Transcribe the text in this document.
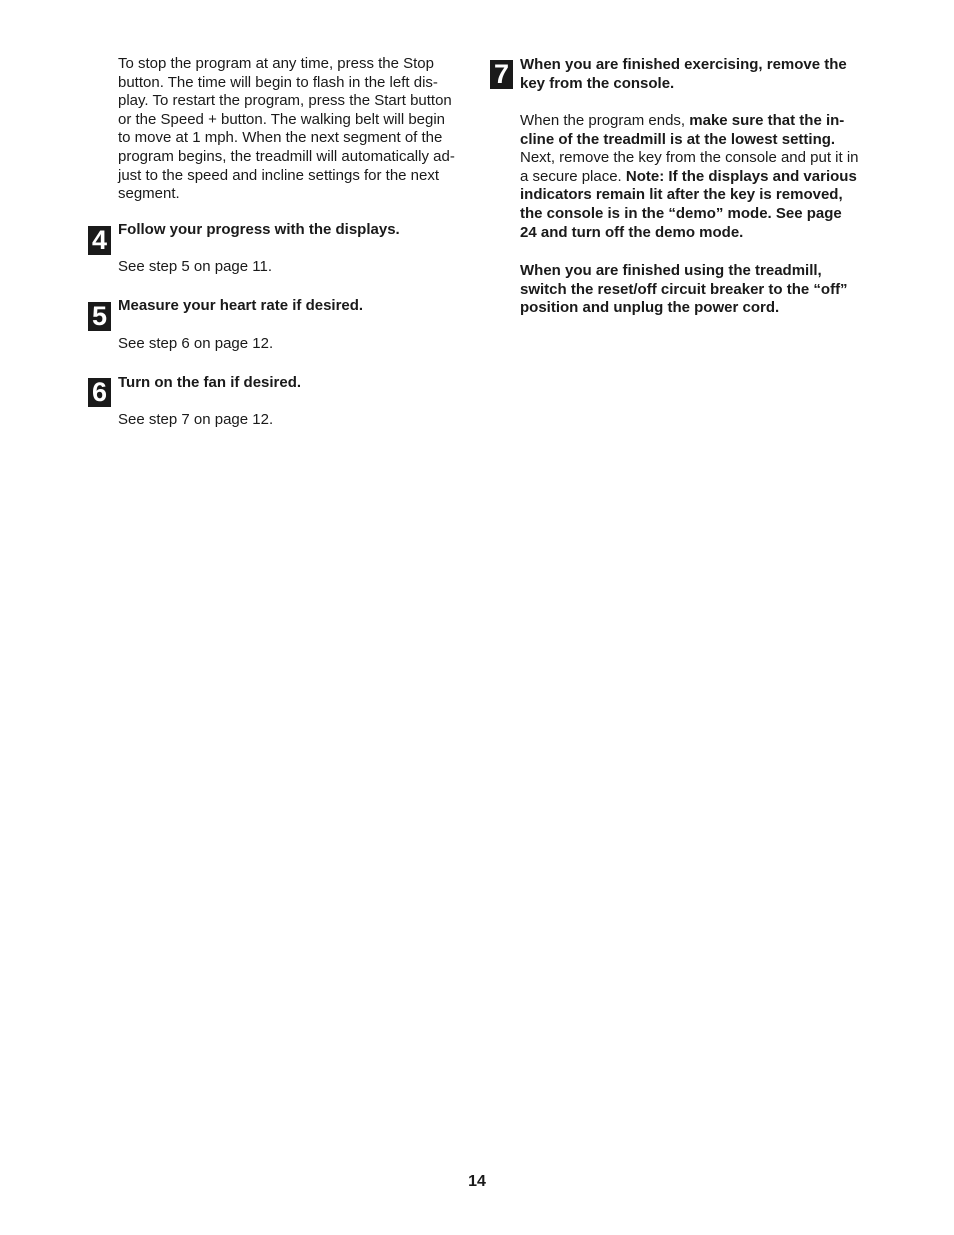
To stop the program at any time, press the Stop

button. The time will begin to flash in the left dis-

play. To restart the program, press the Start button

or the Speed + button. The walking belt will begin

to move at 1 mph. When the next segment of the

program begins, the treadmill will automatically ad-

just to the speed and incline settings for the next

segment.

4 Follow your progress with the displays.

See step 5 on page 11.

5 Measure your heart rate if desired.

See step 6 on page 12.

6 Turn on the fan if desired.

See step 7 on page 12.

7 When you are finished exercising, remove the

key from the console.

When the program ends, make sure that the in-

cline of the treadmill is at the lowest setting.

Next, remove the key from the console and put it in

a secure place. Note: If the displays and various

indicators remain lit after the key is removed,

the console is in the “demo” mode. See page

24 and turn off the demo mode.

When you are finished using the treadmill,

switch the reset/off circuit breaker to the “off”

position and unplug the power cord.

14
